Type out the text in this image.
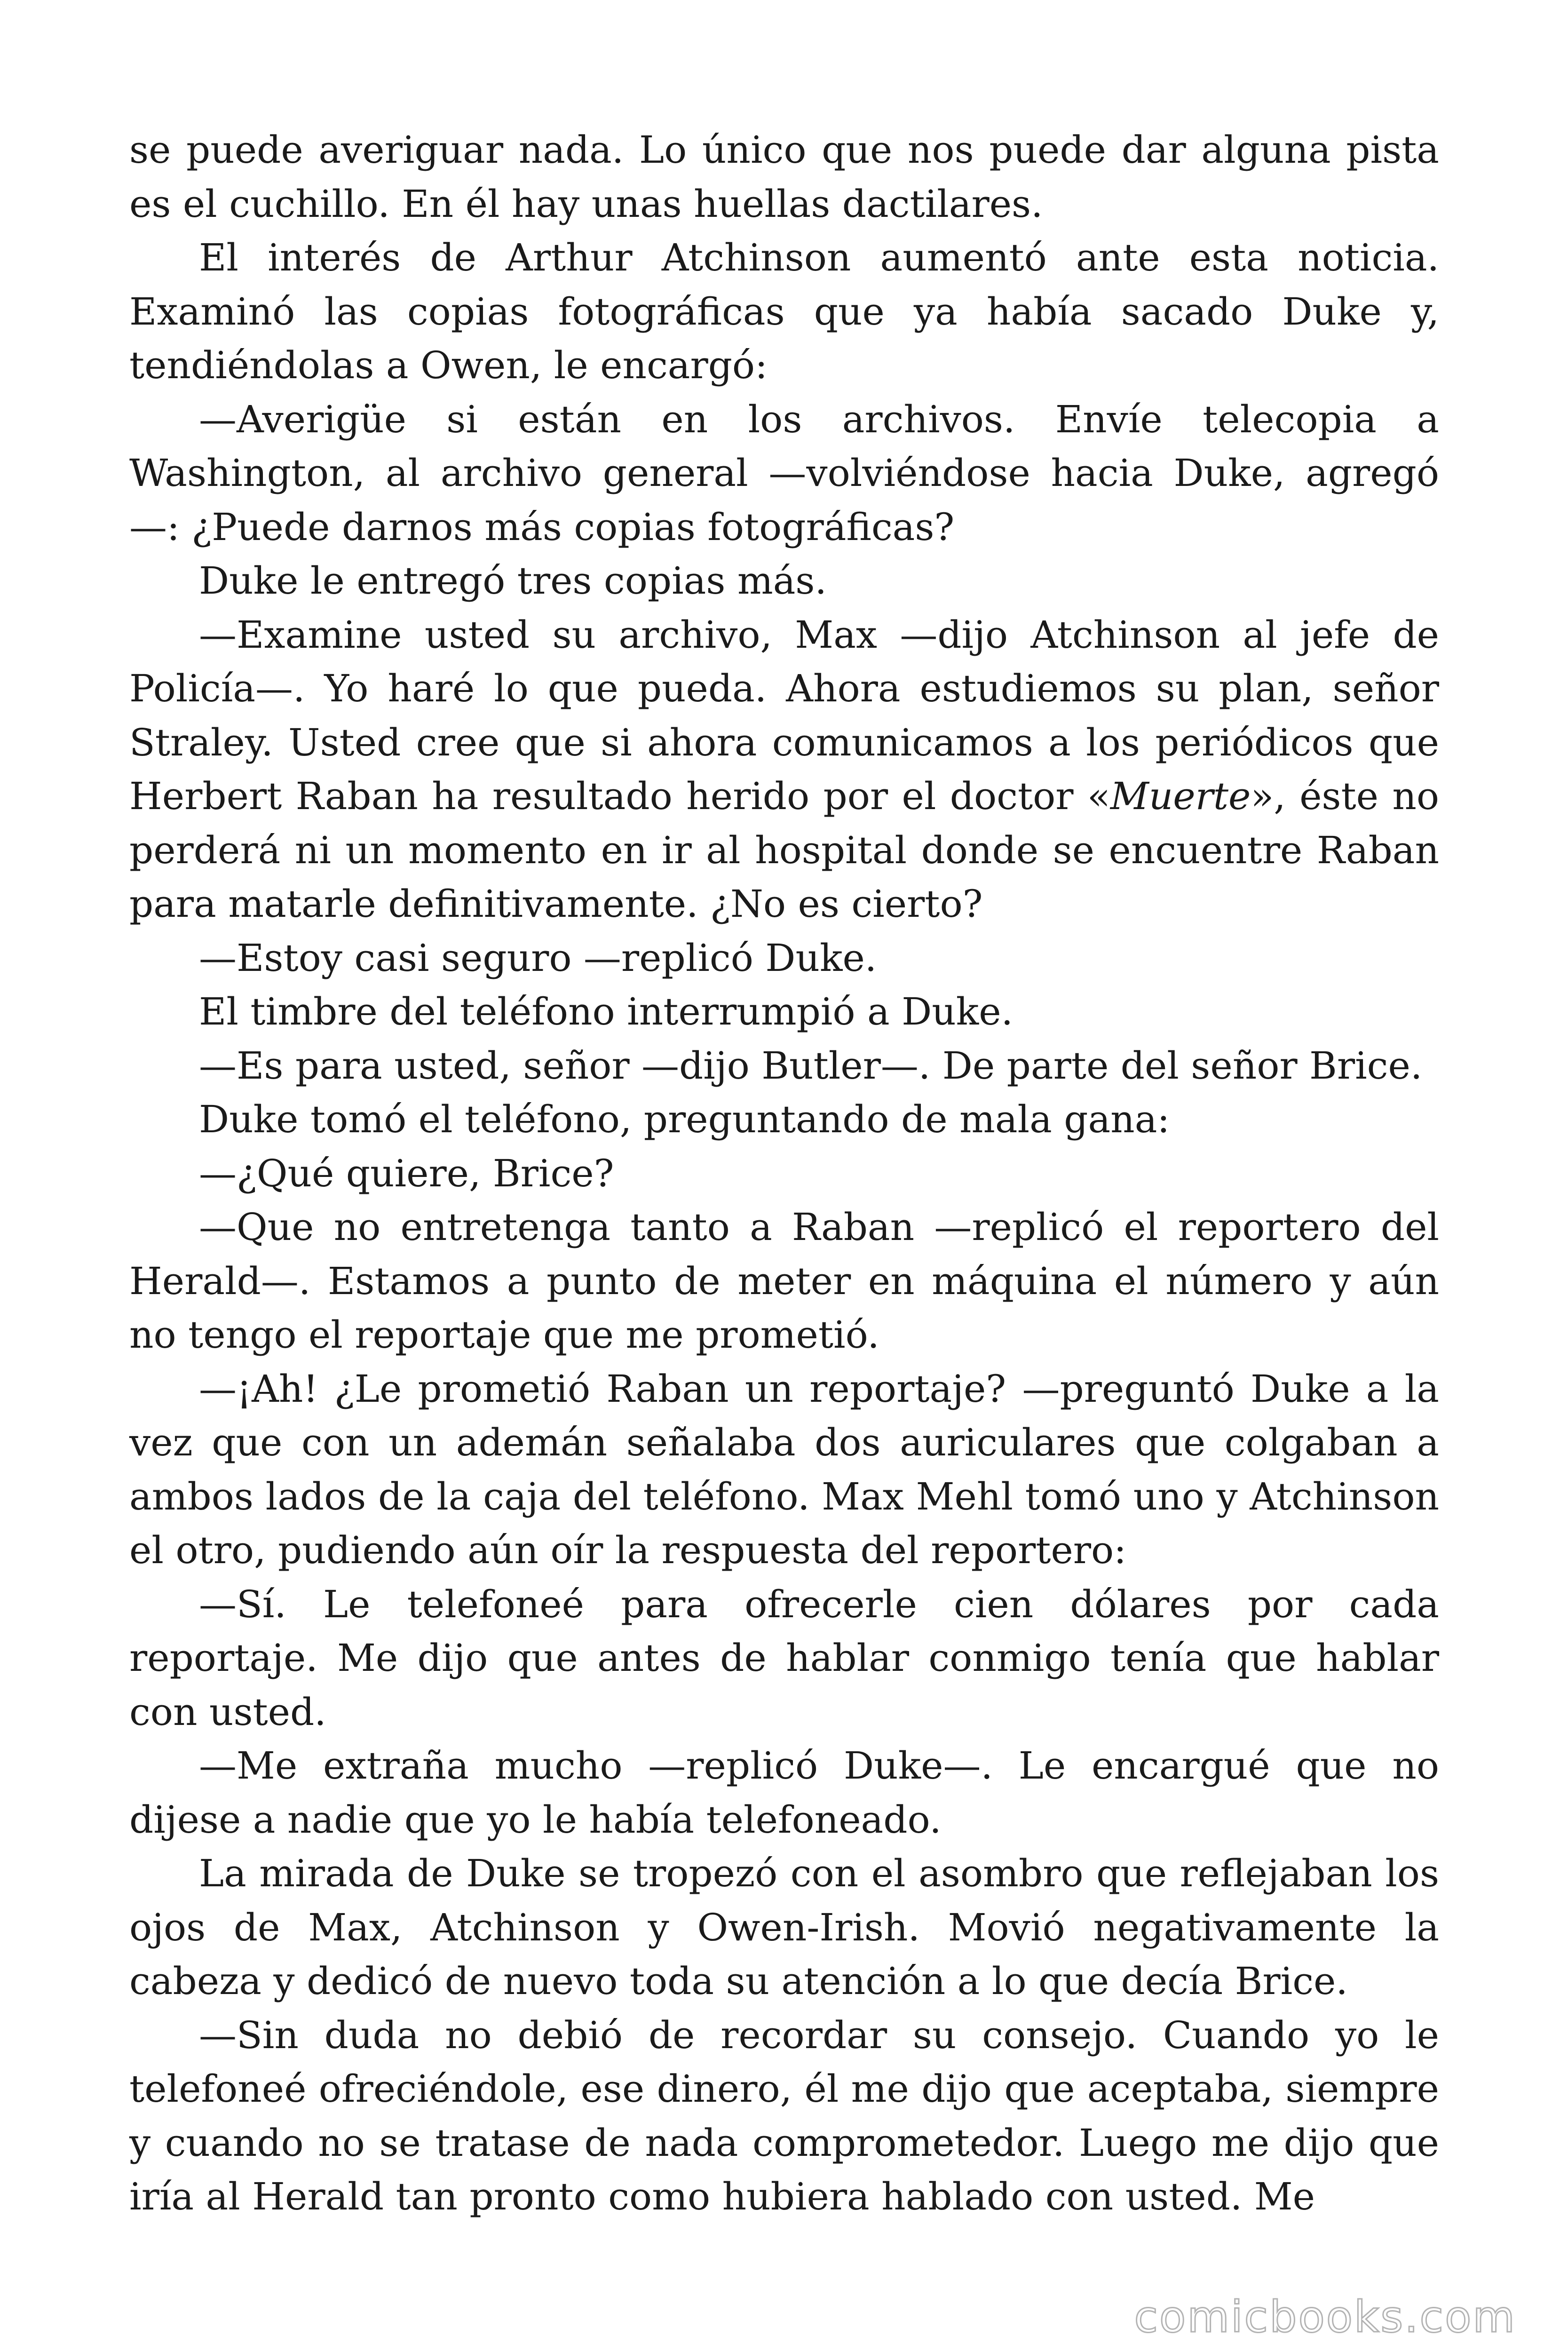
se puede averiguar nada. Lo único que nos puede dar alguna pista es el cuchillo. En él hay unas huellas dactilares.

El interés de Arthur Atchinson aumentó ante esta noticia. Examinó las copias fotográficas que ya había sacado Duke y, tendiéndolas a Owen, le encargó:

—Averigüe si están en los archivos. Envíe telecopia a Washington, al archivo general —volviéndose hacia Duke, agregó —: ¿Puede darnos más copias fotográficas?

Duke le entregó tres copias más.

—Examine usted su archivo, Max —dijo Atchinson al jefe de Policía—. Yo haré lo que pueda. Ahora estudiemos su plan, señor Straley. Usted cree que si ahora comunicamos a los periódicos que Herbert Raban ha resultado herido por el doctor «Muerte», éste no perderá ni un momento en ir al hospital donde se encuentre Raban para matarle definitivamente. ¿No es cierto?

—Estoy casi seguro —replicó Duke.

El timbre del teléfono interrumpió a Duke.

—Es para usted, señor —dijo Butler—. De parte del señor Brice.

Duke tomó el teléfono, preguntando de mala gana:

—¿Qué quiere, Brice?

—Que no entretenga tanto a Raban —replicó el reportero del Herald—. Estamos a punto de meter en máquina el número y aún no tengo el reportaje que me prometió.

—¡Ah! ¿Le prometió Raban un reportaje? —preguntó Duke a la vez que con un ademán señalaba dos auriculares que colgaban a ambos lados de la caja del teléfono. Max Mehl tomó uno y Atchinson el otro, pudiendo aún oír la respuesta del reportero:

—Sí. Le telefoneé para ofrecerle cien dólares por cada reportaje. Me dijo que antes de hablar conmigo tenía que hablar con usted.

—Me extraña mucho —replicó Duke—. Le encargué que no dijese a nadie que yo le había telefoneado.

La mirada de Duke se tropezó con el asombro que reflejaban los ojos de Max, Atchinson y Owen-Irish. Movió negativamente la cabeza y dedicó de nuevo toda su atención a lo que decía Brice.

—Sin duda no debió de recordar su consejo. Cuando yo le telefoneé ofreciéndole, ese dinero, él me dijo que aceptaba, siempre y cuando no se tratase de nada comprometedor. Luego me dijo que iría al Herald tan pronto como hubiera hablado con usted. Me

comicbooks.com
